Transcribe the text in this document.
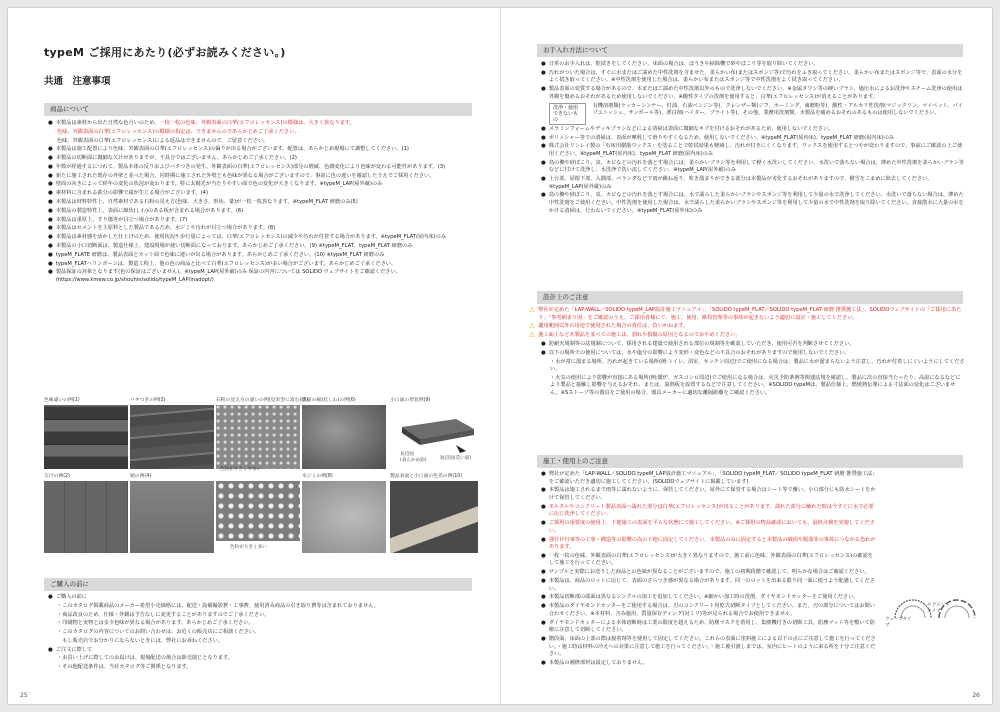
typeM ご採用にあたり(必ずお読みください。)
共通　注意事項
商品について
● 本製品は素材から出た自然な色合いのため、一枚一枚の色味、外観表面の白華(エフロレッセンス)の模様は、大きく異なります。
色味、外観表面の白華(エフロレッセンス)の模様の指定は、できませんのであらかじめご了承ください。
色味、外観表面の白華(エフロレッセンス)による返品はできませんので、ご留意ください。
● 本製品は施工配置により色味、外観表面の白華(エフロレッセンス)の偏りが出る場合がございます。配置は、あらかじめ現場にて調整してください。(1)
● 本製品の切断面に微細な欠けがありますが、不具合ではございません。あらかじめご了承ください。(2)
● 年数が経過するにつれて、製品本体の反りおよびバタつきの発生、外観表面の白華(エフロレッセンス)部分の増減、色調変化により色味が変わる可能性があります。(3)
● 新たに施工された既存の外壁と並べた場合、同時期に施工された外壁とも色味が異なる場合がございますので、事前に色の違いを確認したうえでご採用ください。
● 壁面の向きによって経年の変化の状況が変わります。特に太陽光が当たりやすい面で色の変化が大きくなります。※typeM_LAP(屋外厳)のみ
● 素材料に含まれる鉄分の影響で錆が生じる場合がございます。(4)
● 本製品は材料特性上、自然素材である石粉の見え方(色味、大きさ、形状、量)が一枚一枚異なります。※typeM_FLAT 研磨のみ(5)
● 本製品の製造特性上、表面に線状(しわ)のある板が含まれる場合があります。(6)
● 本製品は重厚上、すり傷等が目立つ場合があります。(7)
● 本製品はセメントを主原料とした製品であるため、水ジミや汚れが目立つ場合があります。(8)
● 本製品は素材感を活かした仕上げのため、使用状況や歩行量によっては、白華(エフロレッセンス)の減少や汚れが付着する場合があります。※typeM_FLAT(屋内床)のみ
● 本製品の小口切断面は、製造仕様上、建設現場が使い切断面になっております。あらかじめご了承ください。(9) ※typeM_FLAT、typeM_FLAT 研磨のみ
● typeM_FLATE 研磨は、製品表面とカット面で色味に違いが出る場合があります。あらかじめご了承ください。(10) ※typeM_FLAT 研磨のみ
● typeM_FLATヘリンボーンは、製造工程上、他の色の商品と比べて白華(エフロレッセンス)が多い場合がございます。あらかじめご了承ください。
● 製品保証の対象となります(色の保証はございません)。※typeM_LAP(屋外厳)のみ 保証の内容については SOLIDO ウェブサイトをご確認ください。 (https://www.kmew.co.jp/shouhin/solido/typeM_LAP/inadopt/)
色味違いの例(1)	バタつきの例(3)	石粉の見え方の違いの例(見栄型に富む)(5)
表面の線状(しわ)の例(6)	小口面の形状例(9)
長辺面
(表らかめ面)	短辺面(荒い面)
欠けの例(2)	錆の例(4)
色粒が大きく多い
水ジミの例(8)	製品表面と小口面の色差の例(10)
色粒が小さく少ない
ご購入の前に
● ご購入の前に
・このカタログ掲載商品のメーカー希望小売価格には、配送・設備撮影費・工事費、使用済み商品の引き取り費等は含まれておりません。
・商品改良のため、仕様・外観は予告なしに変更することがありますのでご了承ください。
・印刷物と実物とは多少色味が異なる場合があります。あらかじめご了承ください。
・このカタログの内容についてのお問い合わせは、お近くの販売店にご相談ください。
　もし販売店でお分かりにならないときには、弊社にお尋ねください。
● ご注文に際して
・お買い上げに際してのお届けは、現場配送の場合は新売演じとなります。
・その他配送条件は、当社カタログ等ご関係となります。
25
お手入れ方法について
● 日常のお手入れは、乾拭きをしてください。床面の場合は、ほうきや掃除機で砂やほこり等を取り除いてください。
● 汚れがついた場合は、すぐに水またはご濡めた中性洗剤を含ませた、柔らかい布(またはスポンジ等)で汚れをふき取ってください。柔らかい布またはスポンジ等で、表面の水分をよく拭き取ってください。※中性洗剤を使用した場合は、柔らかい布またはスポンジ等で中性洗剤をよく拭き取ってください。
● 製品表面の変質する場合があるので、木またはご濡めた中性洗剤以外のもので洗浄しないでください。※金属タワシ等の硬いブラシ、塩压水によるお洗浄やスチーム洗浄の使用は外観を傷めるおそれがあるため使用しないでください。※酸性タイプの洗剤を使用すると、白華(エフロレッセンス)が消えることがあります。
洗浄・使用できないもの
有機溶剤類(ラッカーシンナー、灯油、石油ベンジン等)、クレンザー類(ジフ、ホーミング、歯磨粉等)、酸性・アルカリ性洗剤(マジックリン、マイペット、パイプユニッシュ、サンポール等)、漂白剤(ハイター、ブライト等)、その他、業務用洗剤類、水製品を痛めるおそれのあるものは使用しないでください。
● メラミンフォームやデッキブラシなどによる清掃は表面に微細なキズを付けるおそれがあるため、使用しないでください。
● ポリッシャー等での清掃は、表面が摩耗して滑りやすくなるため、使用しないでください。※typeM_FLAT(屋内床)、typeM_FLAT 研磨(屋内床)のみ
● 株式会社リンレイ製の「石床用樹脂ワックス」を塗ることで乾拭効果も軽減し、汚れが付きにくくなります。ワックスを使用するとつやが変わりますので、事前にご確認の上ご使用ください。※typeM_FLAT(屋内床)、typeM_FLAT 研磨(屋内床)のみ
● 鳥の糞や砂ぼこり、虫、カビなどの汚れを落とす場合には、柔らかいブラシ等を利用して軽く水洗いしてください。水洗いで落ちない場合は、薄めた中性洗剤を柔らかいブラシ等などに付けて洗浄し、水洗浄で洗い流してください。※typeM_LAP(屋外厳)のみ
● 土台部、屋根下部、入隅部、ベランダなどで雨が跳ね返り、吹き溜まりができる部分は本製品が劣化するおそれがありますので、積雪をこまめに除去してください。※typeM_LAP(屋外厳)のみ
● 鳥の糞や砂ぼこり、虫、カビなどの汚れを落とす場合には、水で濡らした柔らかいブラシやスポンジ等を利用して少量の水で洗浄してください。水洗いで落ちない場合は、薄めた中性洗剤をご使用ください。中性洗剤を使用した場合は、水で濡らした柔らかいブラシやスポンジ等を利用して少量の水で中性洗剤を取り除いてください。直接散水に大量の水をかける清掃は、行わないでください。※typeM_FLAT(屋外床)のみ
設計上のご注意
⚠ 弊社が定めた「LAP-WALL／SOLIDO typeM_LAP設計施工マニュアル」、「SOLIDO typeM_FLAT／SOLIDO typeM_FLAT 研磨 推奨施工法」、SOLIDOウェブサイトの「ご採用にあたり」「参考納まり図」をご確認のうえ、ご採用者様にて、施工、使用、維持管理等の事故が起きないよう適切に設計・施工してください。
⚠ 適用範囲以外の用途で使用された場合の責任は、負いかねます。
⚠ 施工面上など本製品を並べての施工は、割れや損傷の原因となるのでおやめください。
● 防耐火規制等の法規制について、採用される建築で使用される部位の規制等を確認していただき、使用可否を判断させてください。
● 以下の場所での使用については、水や塩分の影響により変形・変色などの不具合のおそれがありますので使用しないでください。
・水が常に溜まる場所、汚れが起きている場所(例:トイレ、浴室、キッチン周辺)でご使用になる場合は、製品に水が溜まらないよう注意し、汚れが付着しにくいようにしてください。
・火気の使用により影響が直接にある場所(例:暖炉、ガスコンロ周辺)でご使用になる場合は、火災予防条例等関連法規を確認し、製品に次の直接当たったり、高温になるなどにより製品と接触し影響を与えるおそれ、または、温熱板を設置するなどで注意してください。※SOLIDO typeMは、製品仕様上、燃焼熱伝導による寸法面の変化はございません。※Sストーブ等の器具をご使用の場合、器具メーカーに適切な離隔距離をご確認ください。
施工・使用上のご注意
● 弊社が定めた「LAP-WALL／SOLIDO typeM_LAP設計施工マニュアル」、「SOLIDO typeM_FLAT／SOLIDO typeM_FLAT 研磨 推奨施工法」をご確認いただき適切に施工してください。(SOLIDOウェブサイトに掲載しています)
● 本製品は施工されるまで雨等に濡れないように、保管してください。屋外にて保管する場合はシート等で覆い、小口部分にも防水シートをかけて保管してください。
● モルタルやコンクリート製品表面へ濡れた部分は白華(エフロレッセンス)が出ることがあります。濡れた部分に触れた時は今すぐに水で必要に応じ洗浄してください。
● ご採用の重要度の使用上、下地施工の表面を平らな状態にて施工してください。※ご採用の物品確認においても、最終点検を実施してください。
● 強付け行事等の工事・構造等の影響の為の下地に固定してください。本製品のみに固定すると本製品の破損や脱落等の事故につながる恐れがあります。
● 一枚一枚の色味、外観表面の白華(エフロレッセンス)が大きく異なりますので、施工前に色味、外観表面の白華(エフロレッセンス)の確認をして施工を行ってください。
● サンプルと実際にお送りした商品との色味が異なることがございますので、施工の初期段階で確認して、明らかな場合はご確認ください。
● 本製品は、商品のロットに応じて、表面のざらつき感が異なる場合があります。同一のロットを出来る限り同一面に使うよう配慮してください。
● 本製品切断部の端面は異なるシンクルの加工を追加してください。※細かい加工時の洗剤、ダイヤモンドカッターをご使用ください。
● 本製品のダイヤモンドカッターをご使用する場合は、刃のコンクリート用乾式切断タイプとしてください。また、刃の部分についてはお問い合わせください。※本材料、含み施用、質量保存ディング(対ミリ)等が見られる場合でお使用できません。
● ダイヤモンドカッターによる本体切断時は工業の限度を超えるため、防塵マスクを着用し、集塵機付きの切断工具、防塵マット等を敷いて防塵に注意して切断してください。
● 階段面、床面の上部の際は接着剤等を使用して固定してください。これらの表面に塗料施工による以下の点にご注意して施工を行ってください。・施工時は材料の冷えへの対策に注意して施工を行ってください。・施工後引渡しまでは、室内にヒートのように来る所を十分ご注意ください。
● 本製品の補修部材は設定しておりません。
ウェーブタイプ
セグメントタイプ
26
